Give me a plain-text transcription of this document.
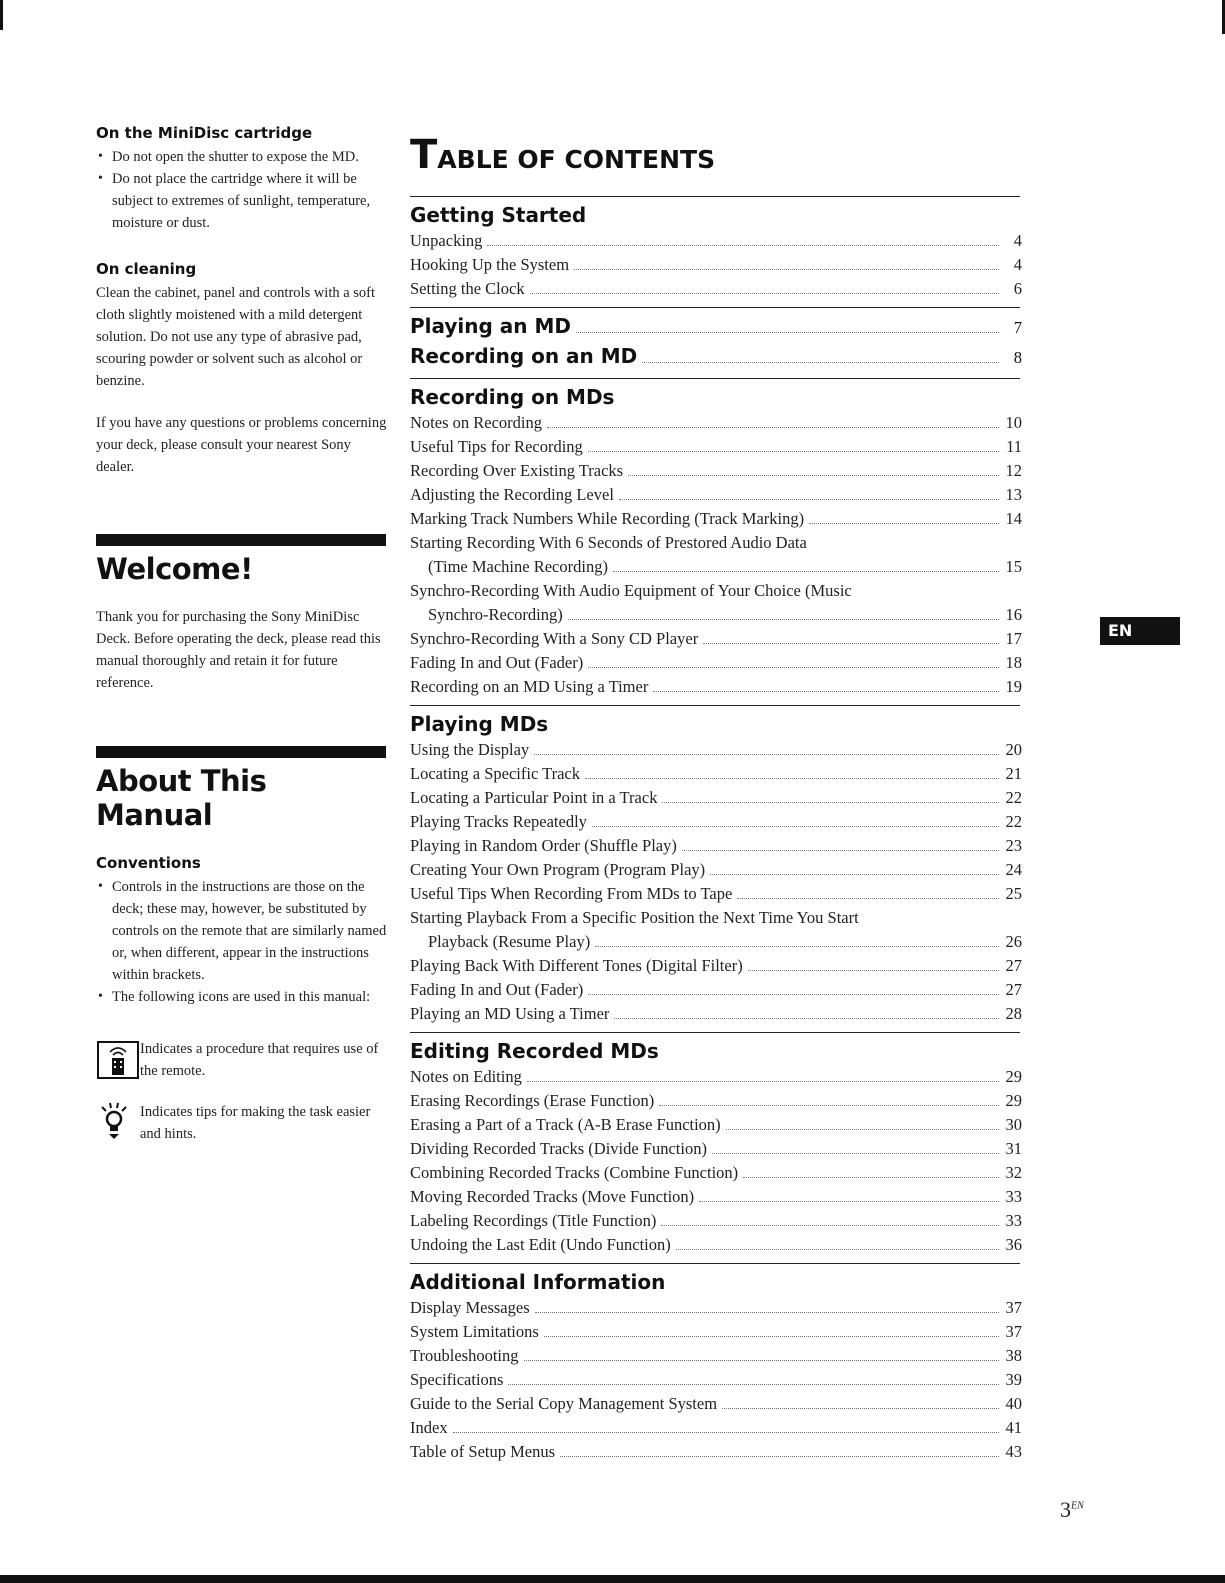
On the MiniDisc cartridge
• Do not open the shutter to expose the MD.
• Do not place the cartridge where it will be subject to extremes of sunlight, temperature, moisture or dust.
On cleaning

Clean the cabinet, panel and controls with a soft cloth slightly moistened with a mild detergent solution. Do not use any type of abrasive pad, scouring powder or solvent such as alcohol or benzine.

If you have any questions or problems concerning your deck, please consult your nearest Sony dealer.

Welcome!

Thank you for purchasing the Sony MiniDisc Deck. Before operating the deck, please read this manual thoroughly and retain it for future reference.

About This Manual
Conventions
• Controls in the instructions are those on the deck; these may, however, be substituted by controls on the remote that are similarly named or, when different, appear in the instructions within brackets.
• The following icons are used in this manual:
Indicates a procedure that requires use of the remote.
Indicates tips for making the task easier and hints.
TABLE OF CONTENTS
Getting Started
Unpacking	4
Hooking Up the System	4
Setting the Clock	6
Playing an MD	7
Recording on an MD	8
Recording on MDs
Notes on Recording	10
Useful Tips for Recording	11
Recording Over Existing Tracks	12
Adjusting the Recording Level	13
Marking Track Numbers While Recording (Track Marking)	14
Starting Recording With 6 Seconds of Prestored Audio Data
(Time Machine Recording)	15
Synchro-Recording With Audio Equipment of Your Choice (Music
Synchro-Recording)	16
Synchro-Recording With a Sony CD Player	17
Fading In and Out (Fader)	18
Recording on an MD Using a Timer	19
Playing MDs
Using the Display	20
Locating a Specific Track	21
Locating a Particular Point in a Track	22
Playing Tracks Repeatedly	22
Playing in Random Order (Shuffle Play)	23
Creating Your Own Program (Program Play)	24
Useful Tips When Recording From MDs to Tape	25
Starting Playback From a Specific Position the Next Time You Start
Playback (Resume Play)	26
Playing Back With Different Tones (Digital Filter)	27
Fading In and Out (Fader)	27
Playing an MD Using a Timer	28
Editing Recorded MDs
Notes on Editing	29
Erasing Recordings (Erase Function)	29
Erasing a Part of a Track (A-B Erase Function)	30
Dividing Recorded Tracks (Divide Function)	31
Combining Recorded Tracks (Combine Function)	32
Moving Recorded Tracks (Move Function)	33
Labeling Recordings (Title Function)	33
Undoing the Last Edit (Undo Function)	36
Additional Information
Display Messages	37
System Limitations	37
Troubleshooting	38
Specifications	39
Guide to the Serial Copy Management System	40
Index	41
Table of Setup Menus	43
EN
$3^{EN}$
